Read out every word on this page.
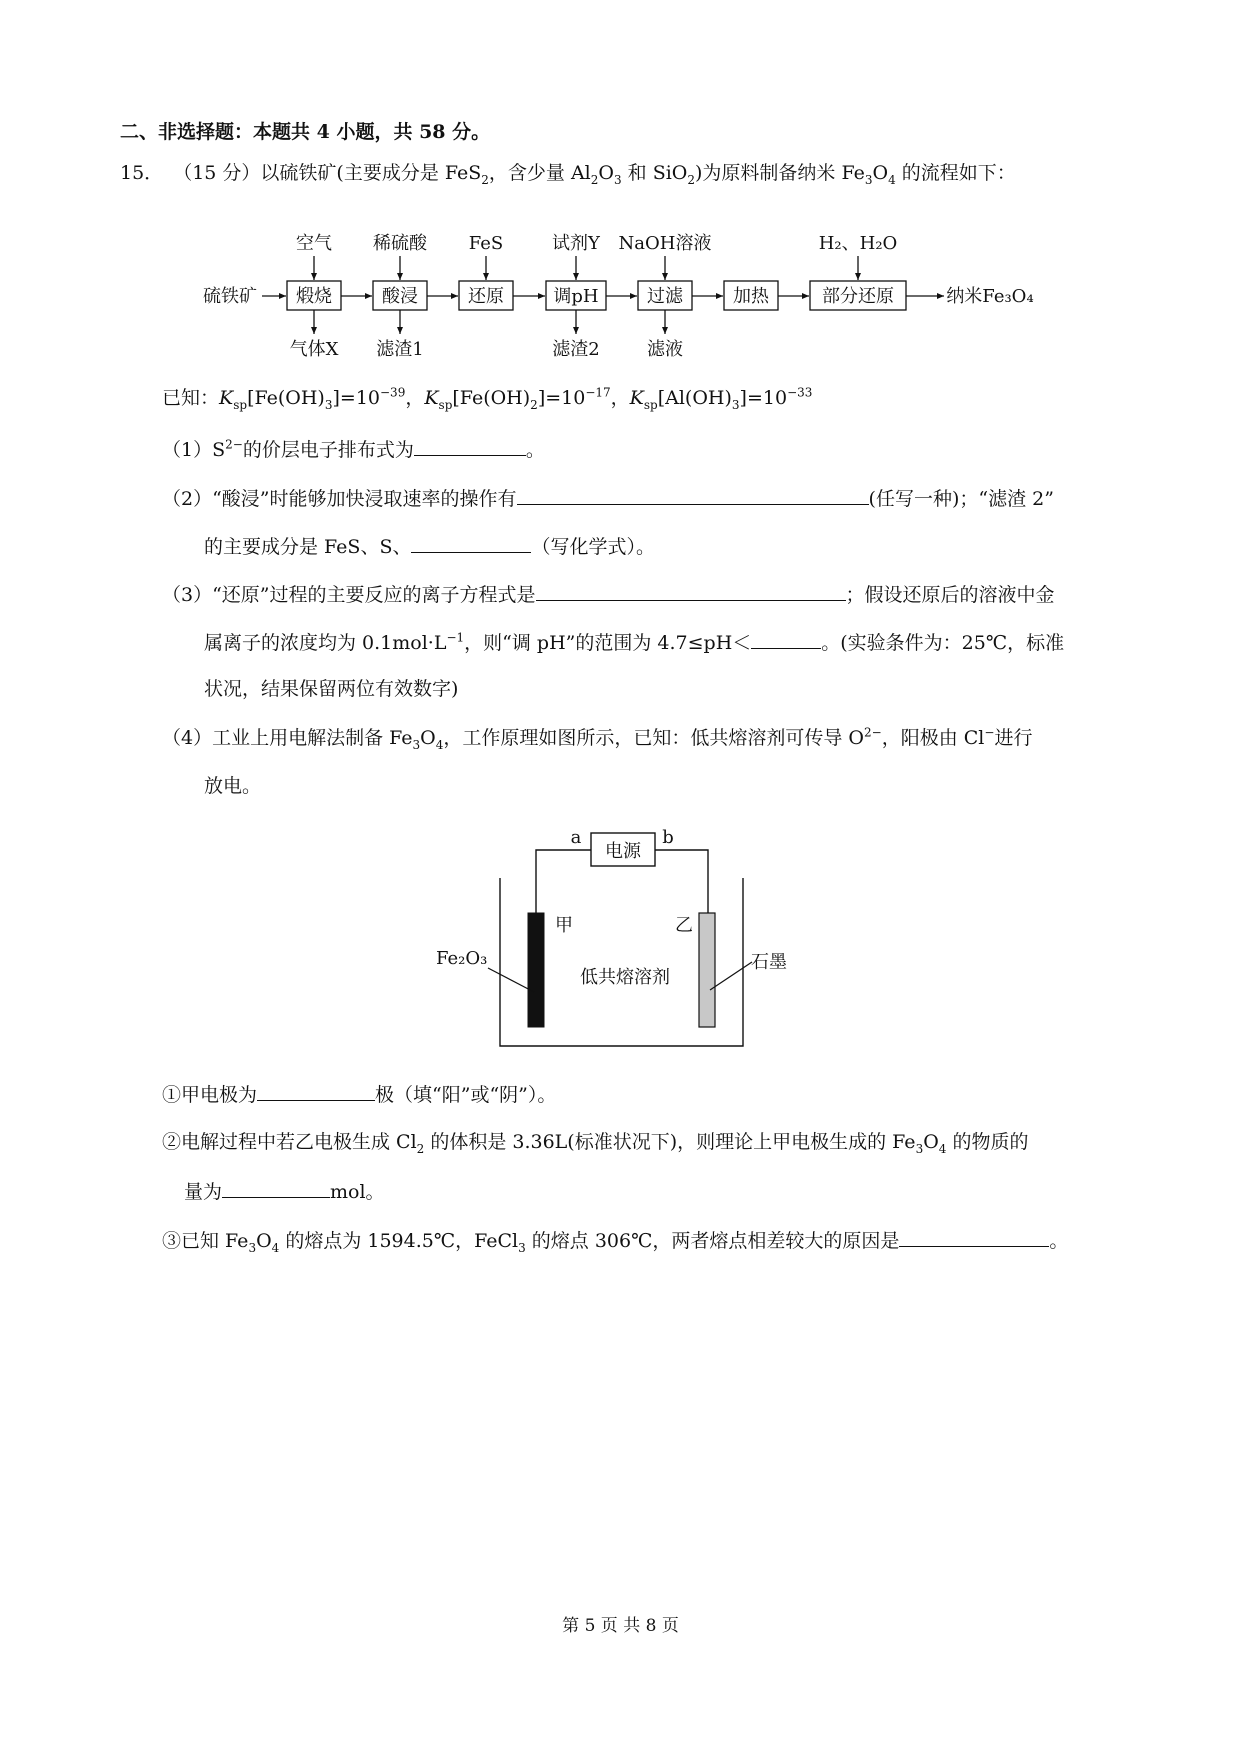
二、非选择题：本题共 4 小题，共 58 分。
15． （15 分）以硫铁矿(主要成分是 FeS$_2$，含少量 $Al_2O_3$ 和 SiO$_2$)为原料制备纳米 $Fe_3O_4$ 的流程如下：
硫铁矿
空气 稀硫酸 FeS	试剂Y NaOH溶液	H₂、H₂O
煅烧	酸浸	还原	调pH	过滤	加热	部分还原
气体X 滤渣1	滤渣2	滤液
纳米Fe₃O₄
已知：$K_{sp}[Fe(OH)_3]=10^{-39}$，$K_{sp}[Fe(OH)_2]=10^{-17}$，$K_{sp}[Al(OH)_3]=10^{-33}$
$(1)S^{2-}$的价层电子排布式为	。
（2）“酸浸”时能够加快浸取速率的操作有	(任写一种)；“滤渣 2”
的主要成分是 FeS、S、	（写化学式）。
（3）“还原”过程的主要反应的离子方程式是	；假设还原后的溶液中金
属离子的浓度均为 $0.1mol\cdot L^{-1}$，则“调 pH”的范围为 4.7≤pH＜	。(实验条件为：25℃，标准
状况，结果保留两位有效数字)
（4）工业上用电解法制备 $Fe_3O_4$，工作原理如图所示，已知：低共熔溶剂可传导 $O^{2-}$，阳极由 Cl−进行
放电。
电源
a	b
甲	乙
Fe₂O₃	石墨
低共熔溶剂
①甲电极为	极（填“阳”或“阴”）。
②电解过程中若乙电极生成 $Cl_2$ 的体积是 3.36L(标准状况下)，则理论上甲电极生成的 $Fe_3O_4$ 的物质的
量为	mol。
③已知 $Fe_3O_4$ 的熔点为 1594.5℃，FeCl$_3$ 的熔点 306℃，两者熔点相差较大的原因是	。
第 5 页 共 8 页
